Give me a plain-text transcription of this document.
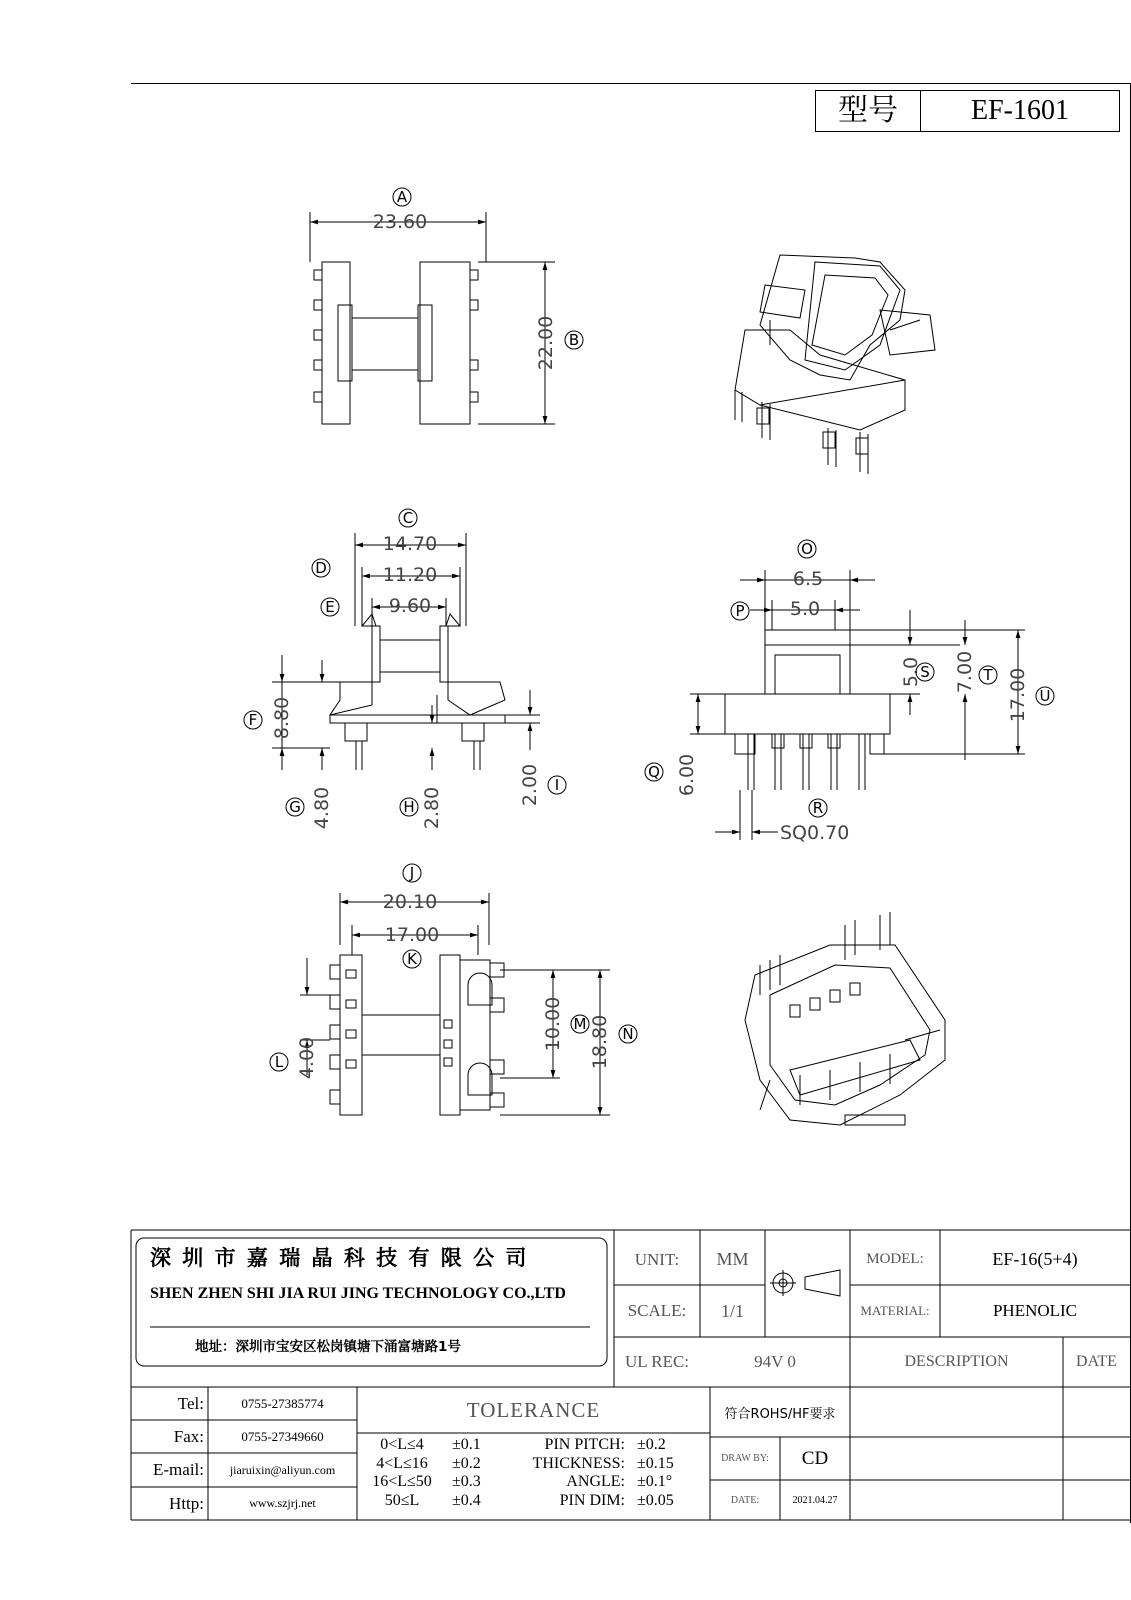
型号	EF-1601
23.60
22.00
14.70
11.20
9.60
8.80
4.80	2.80
2.00
20.10
17.00
4.00
10.00 18.80
6.5
5.0
6.00
SQ0.70
5.0 7.00 17.00
A
B
C
D
E
F
G	H
I
J
K
L
M
N
O
P
S	T
U
Q
R
深 圳 市 嘉 瑞 晶 科 技 有 限 公 司
SHEN ZHEN SHI JIA RUI JING TECHNOLOGY CO.,LTD
地址：深圳市宝安区松岗镇塘下涌富塘路1号
UNIT:	MM
SCALE:	1/1
UL REC:	94V 0
MODEL:	EF-16(5+4)
MATERIAL:	PHENOLIC
DESCRIPTION	DATE
Tel:	0755-27385774
Fax:	0755-27349660
E-mail:	jiaruixin@aliyun.com
Http:	www.szjrj.net
TOLERANCE
0<L≤4	±0.1
4<L≤16	±0.2
16<L≤50	±0.3
50≤L	±0.4
PIN PITCH: ±0.2
THICKNESS: ±0.15
ANGLE: ±0.1°
PIN DIM: ±0.05
符合ROHS/HF要求
DRAW BY:	CD
DATE:	2021.04.27
